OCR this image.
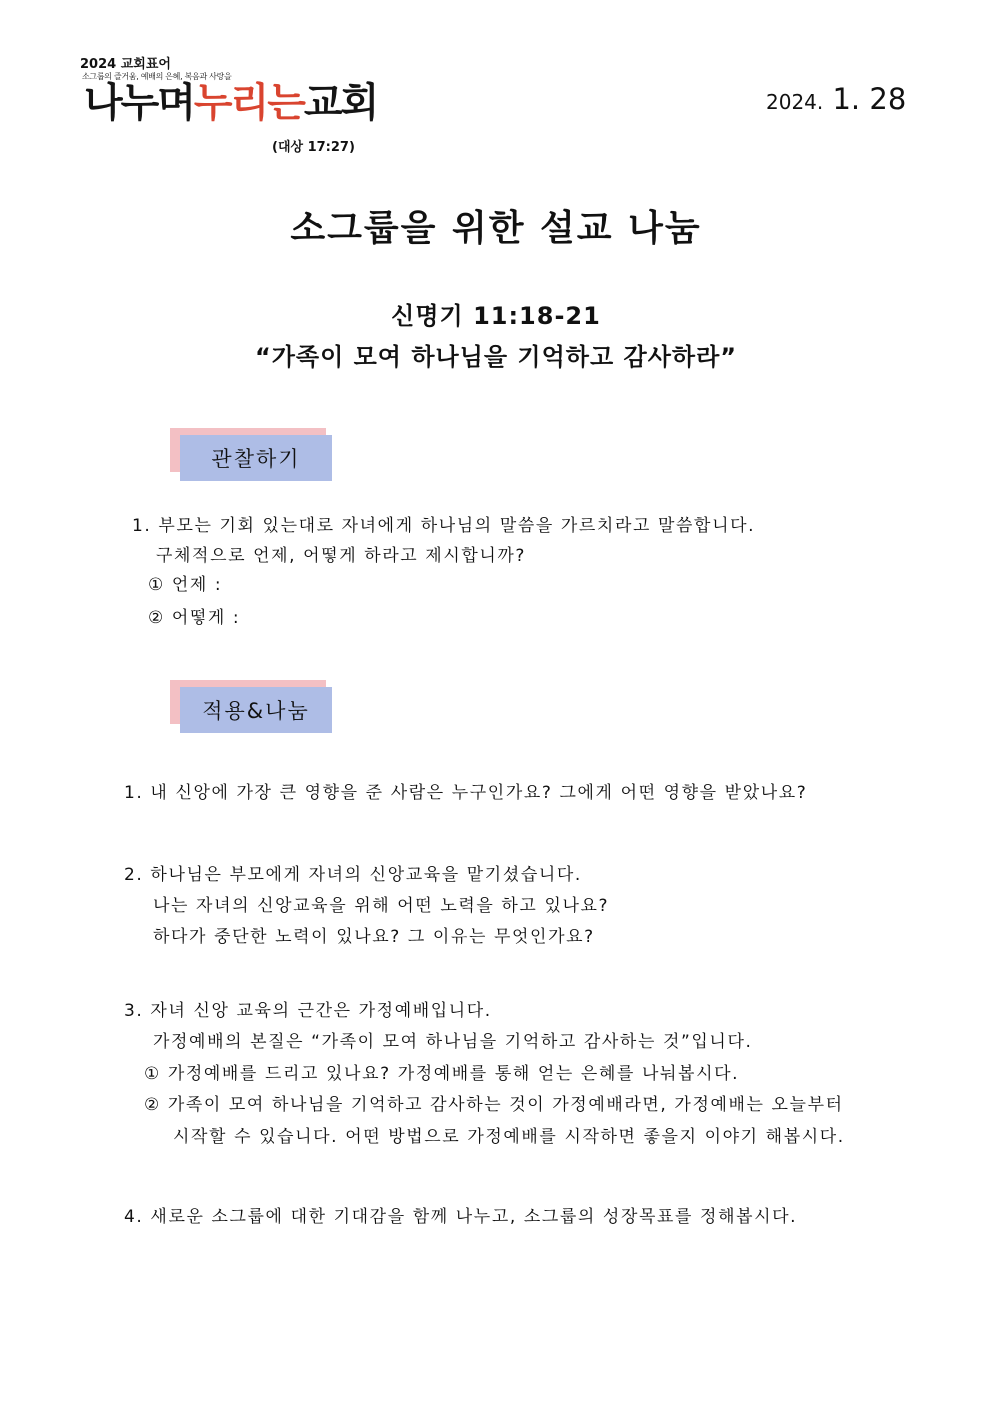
2024 교회표어
소그룹의 즐거움, 예배의 은혜, 복음과 사랑을
나누며누리는교회
(대상 17:27)
2024. 1. 28
소그룹을 위한 설교 나눔
신명기 11:18-21
“가족이 모여 하나님을 기억하고 감사하라”
관찰하기
1. 부모는 기회 있는대로 자녀에게 하나님의 말씀을 가르치라고 말씀합니다.
구체적으로 언제, 어떻게 하라고 제시합니까?
① 언제 :
② 어떻게 :
적용&나눔
1. 내 신앙에 가장 큰 영향을 준 사람은 누구인가요? 그에게 어떤 영향을 받았나요?
2. 하나님은 부모에게 자녀의 신앙교육을 맡기셨습니다.
나는 자녀의 신앙교육을 위해 어떤 노력을 하고 있나요?
하다가 중단한 노력이 있나요? 그 이유는 무엇인가요?
3. 자녀 신앙 교육의 근간은 가정예배입니다.
가정예배의 본질은 “가족이 모여 하나님을 기억하고 감사하는 것”입니다.
① 가정예배를 드리고 있나요? 가정예배를 통해 얻는 은혜를 나눠봅시다.
② 가족이 모여 하나님을 기억하고 감사하는 것이 가정예배라면, 가정예배는 오늘부터
시작할 수 있습니다. 어떤 방법으로 가정예배를 시작하면 좋을지 이야기 해봅시다.
4. 새로운 소그룹에 대한 기대감을 함께 나누고, 소그룹의 성장목표를 정해봅시다.
